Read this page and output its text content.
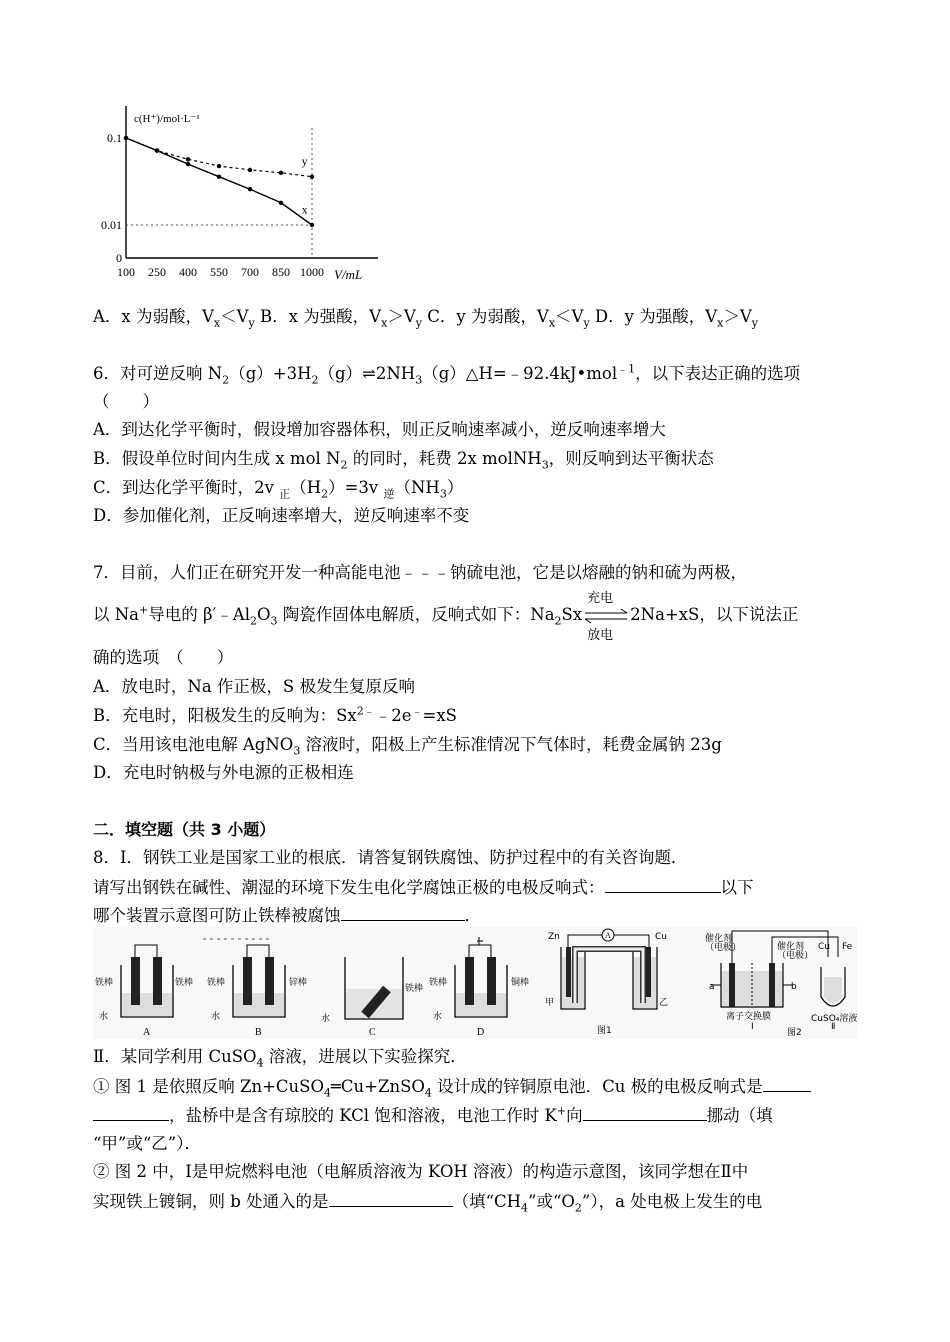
c(H⁺)/mol·L⁻¹
V/mL
100 250 400 550 700 850 1000
0.1
0.01
0
x
y
A．x 为弱酸，$V_x<V_y$ B．x 为强酸，$V_x>V_y$ C．y 为弱酸，$V_x<V_y$ D．y 为强酸，$V_x>V_y$
6．对可逆反响 $N_2(g)+3H_2(g)\rightleftharpoons 2NH_3(g)\triangle H=﹣92.4kJ•mol^{﹣1}$，以下表达正确的选项
（　　）
A．到达化学平衡时，假设增加容器体积，则正反响速率减小，逆反响速率增大
B．假设单位时间内生成 x mol $N_2$ 的同时，耗费 2x molNH$_3$，则反响到达平衡状态
C．到达化学平衡时，2v $_正(H_2)=3v$ $_逆(NH_3)$
D．参加催化剂，正反响速率增大，逆反响速率不变
7．目前，人们正在研究开发一种高能电池﹣﹣﹣钠硫电池，它是以熔融的钠和硫为两极，
以 Na+导电的 $\beta'﹣Al_2O_3$ 陶瓷作固体电解质，反响式如下：$Na_2Sx$
充电
放电
2Na+xS，以下说法正
确的选项　（　　）
A．放电时，Na 作正极，S 极发生复原反响
B．充电时，阳极发生的反响为：$Sx^{2﹣}﹣2e^﹣=xS$
C．当用该电池电解 AgNO$_3$ 溶液时，阳极上产生标准情况下气体时，耗费金属钠 23g
D．充电时钠极与外电源的正极相连
二．填空题（共 3 小题）
8．Ⅰ．钢铁工业是国家工业的根底．请答复钢铁腐蚀、防护过程中的有关咨询题．
请写出钢铁在碱性、潮湿的环境下发生电化学腐蚀正极的电极反响式：	以下
哪个装置示意图可防止铁棒被腐蚀	．
铁棒	铁棒
水
A
铁棒	锌棒
水
B
铁棒
水
C
铁棒	铜棒
水
D
A
Zn	Cu
甲	乙
图1
催化剂
（电极）	催化剂
（电极）
a	b
Cu Fe
离子交换膜	CuSO₄溶液
Ⅰ	Ⅱ
图2
Ⅱ．某同学利用 CuSO$_4$ 溶液，进展以下实验探究．
① 图 1 是依照反响 Zn+CuSO$_4$═Cu+ZnSO$_4$ 设计成的锌铜原电池．Cu 极的电极反响式是
，盐桥中是含有琼胶的 KCl 饱和溶液，电池工作时 K+向	挪动（填
“甲”或“乙”）．
② 图 2 中，Ⅰ是甲烷燃料电池（电解质溶液为 KOH 溶液）的构造示意图，该同学想在Ⅱ中
实现铁上镀铜，则 b 处通入的是	（填“$CH_4$”或“$O_2$”），a 处电极上发生的电
